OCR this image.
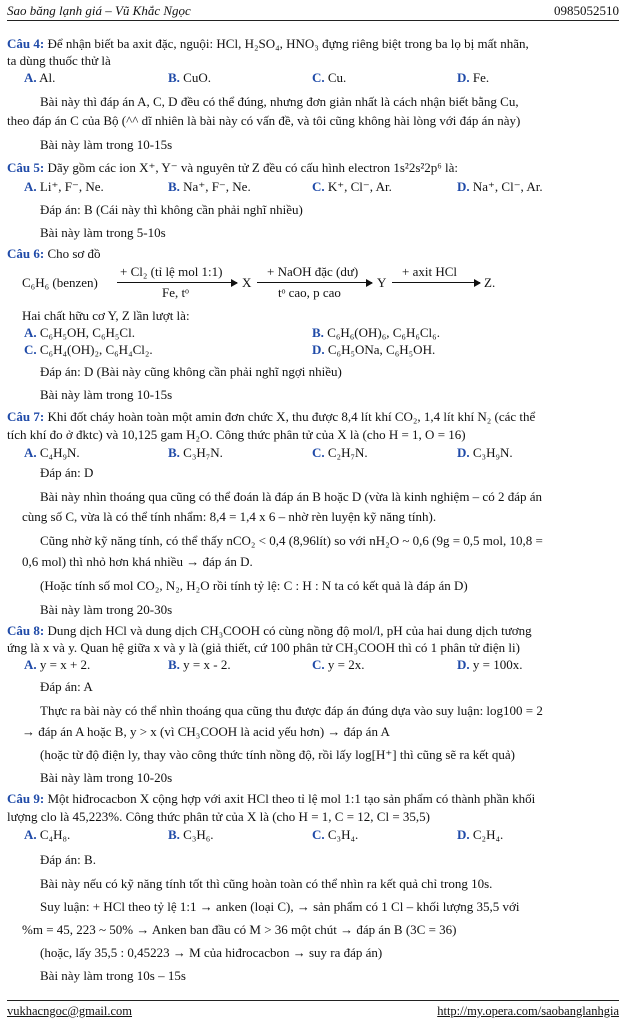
Sao băng lạnh giá – Vũ Khắc Ngọc	0985052510
Câu 4: Để nhận biết ba axit đặc, nguội: HCl, H₂SO₄, HNO₃ đựng riêng biệt trong ba lọ bị mất nhãn,
ta dùng thuốc thử là
A. Al.	B. CuO.	C. Cu.	D. Fe.
Bài này thì đáp án A, C, D đều có thể đúng, nhưng đơn giản nhất là cách nhận biết bằng Cu,
theo đáp án C của Bộ (^^ dĩ nhiên là bài này có vấn đề, và tôi cũng không hài lòng với đáp án này)
Bài này làm trong 10-15s
Câu 5: Dãy gồm các ion X⁺, Y⁻ và nguyên tử Z đều có cấu hình electron 1s²2s²2p⁶ là:
A. Li⁺, F⁻, Ne.	B. Na⁺, F⁻, Ne.	C. K⁺, Cl⁻, Ar.	D. Na⁺, Cl⁻, Ar.
Đáp án: B (Cái này thì không cần phải nghĩ nhiều)
Bài này làm trong 5-10s
Câu 6: Cho sơ đồ
C₆H₆ (benzen)
+ Cl₂ (tỉ lệ mol 1:1)
Fe, tᵒ
X
+ NaOH đặc (dư)
tᵒ cao, p cao
Y
+ axit HCl
Z.
Hai chất hữu cơ Y, Z lần lượt là:
A. C₆H₅OH, C₆H₅Cl.	B. C₆H₆(OH)₆, C₆H₆Cl₆.
C. C₆H₄(OH)₂, C₆H₄Cl₂.	D. C₆H₅ONa, C₆H₅OH.
Đáp án: D (Bài này cũng không cần phải nghĩ ngợi nhiều)
Bài này làm trong 10-15s
Câu 7: Khi đốt cháy hoàn toàn một amin đơn chức X, thu được 8,4 lít khí CO₂, 1,4 lít khí N₂ (các thể
tích khí đo ở đktc) và 10,125 gam H₂O. Công thức phân tử của X là (cho H = 1, O = 16)
A. C₄H₉N.	B. C₃H₇N.	C. C₂H₇N.	D. C₃H₉N.
Đáp án: D
Bài này nhìn thoáng qua cũng có thể đoán là đáp án B hoặc D (vừa là kinh nghiệm – có 2 đáp án
cùng số C, vừa là có thể tính nhẩm: 8,4 = 1,4 x 6 – nhờ rèn luyện kỹ năng tính).
Cũng nhờ kỹ năng tính, có thể thấy nCO₂ < 0,4 (8,96lít) so với nH₂O ~ 0,6 (9g = 0,5 mol, 10,8 =
0,6 mol) thì nhỏ hơn khá nhiều → đáp án D.
(Hoặc tính số mol CO₂, N₂, H₂O rồi tính tỷ lệ: C : H : N ta có kết quả là đáp án D)
Bài này làm trong 20-30s
Câu 8: Dung dịch HCl và dung dịch CH₃COOH có cùng nồng độ mol/l, pH của hai dung dịch tương
ứng là x và y. Quan hệ giữa x và y là (giả thiết, cứ 100 phân tử CH₃COOH thì có 1 phân tử điện li)
A. y = x + 2.	B. y = x - 2.	C. y = 2x.	D. y = 100x.
Đáp án: A
Thực ra bài này có thể nhìn thoáng qua cũng thu được đáp án đúng dựa vào suy luận: log100 = 2
→ đáp án A hoặc B, y > x (vì CH₃COOH là acid yếu hơn) → đáp án A
(hoặc từ độ điện ly, thay vào công thức tính nồng độ, rồi lấy log[H⁺] thì cũng sẽ ra kết quả)
Bài này làm trong 10-20s
Câu 9: Một hiđrocacbon X cộng hợp với axit HCl theo tỉ lệ mol 1:1 tạo sản phẩm có thành phần khối
lượng clo là 45,223%. Công thức phân tử của X là (cho H = 1, C = 12, Cl = 35,5)
A. C₄H₈.	B. C₃H₆.	C. C₃H₄.	D. C₂H₄.
Đáp án: B.
Bài này nếu có kỹ năng tính tốt thì cũng hoàn toàn có thể nhìn ra kết quả chỉ trong 10s.
Suy luận: + HCl theo tỷ lệ 1:1 → anken (loại C), → sản phẩm có 1 Cl – khối lượng 35,5 với
%m = 45, 223 ~ 50% → Anken ban đầu có M > 36 một chút → đáp án B (3C = 36)
(hoặc, lấy 35,5 : 0,45223 → M của hiđrocacbon → suy ra đáp án)
Bài này làm trong 10s – 15s
vukhacngoc@gmail.com	http://my.opera.com/saobanglanhgia
